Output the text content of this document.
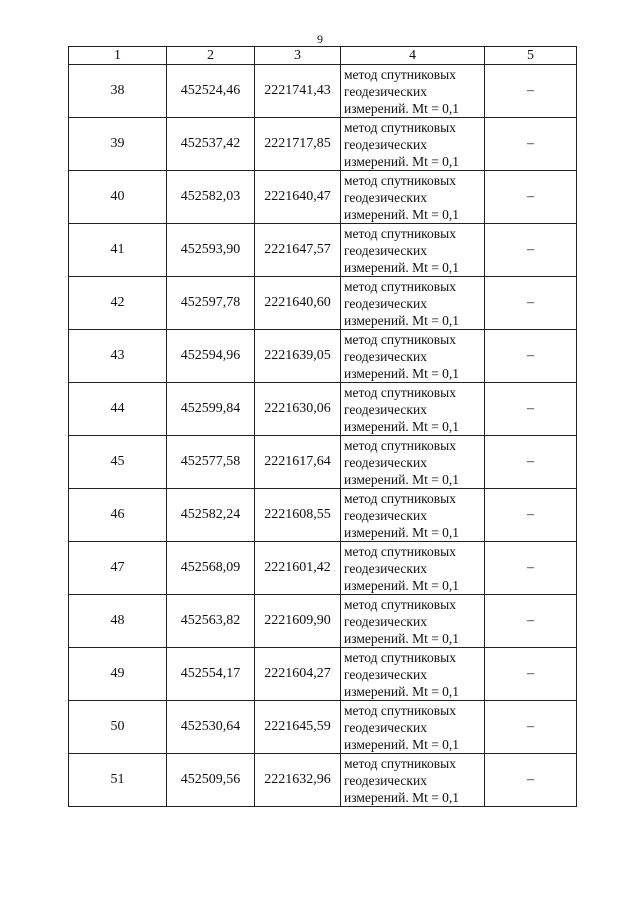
9
1	2	3	4	5
38	452524,46	2221741,43	метод спутниковых
геодезических
измерений. Mt = 0,1	–
39	452537,42	2221717,85	метод спутниковых
геодезических
измерений. Mt = 0,1	–
40	452582,03	2221640,47	метод спутниковых
геодезических
измерений. Mt = 0,1	–
41	452593,90	2221647,57	метод спутниковых
геодезических
измерений. Mt = 0,1	–
42	452597,78	2221640,60	метод спутниковых
геодезических
измерений. Mt = 0,1	–
43	452594,96	2221639,05	метод спутниковых
геодезических
измерений. Mt = 0,1	–
44	452599,84	2221630,06	метод спутниковых
геодезических
измерений. Mt = 0,1	–
45	452577,58	2221617,64	метод спутниковых
геодезических
измерений. Mt = 0,1	–
46	452582,24	2221608,55	метод спутниковых
геодезических
измерений. Mt = 0,1	–
47	452568,09	2221601,42	метод спутниковых
геодезических
измерений. Mt = 0,1	–
48	452563,82	2221609,90	метод спутниковых
геодезических
измерений. Mt = 0,1	–
49	452554,17	2221604,27	метод спутниковых
геодезических
измерений. Mt = 0,1	–
50	452530,64	2221645,59	метод спутниковых
геодезических
измерений. Mt = 0,1	–
51	452509,56	2221632,96	метод спутниковых
геодезических
измерений. Mt = 0,1	–
